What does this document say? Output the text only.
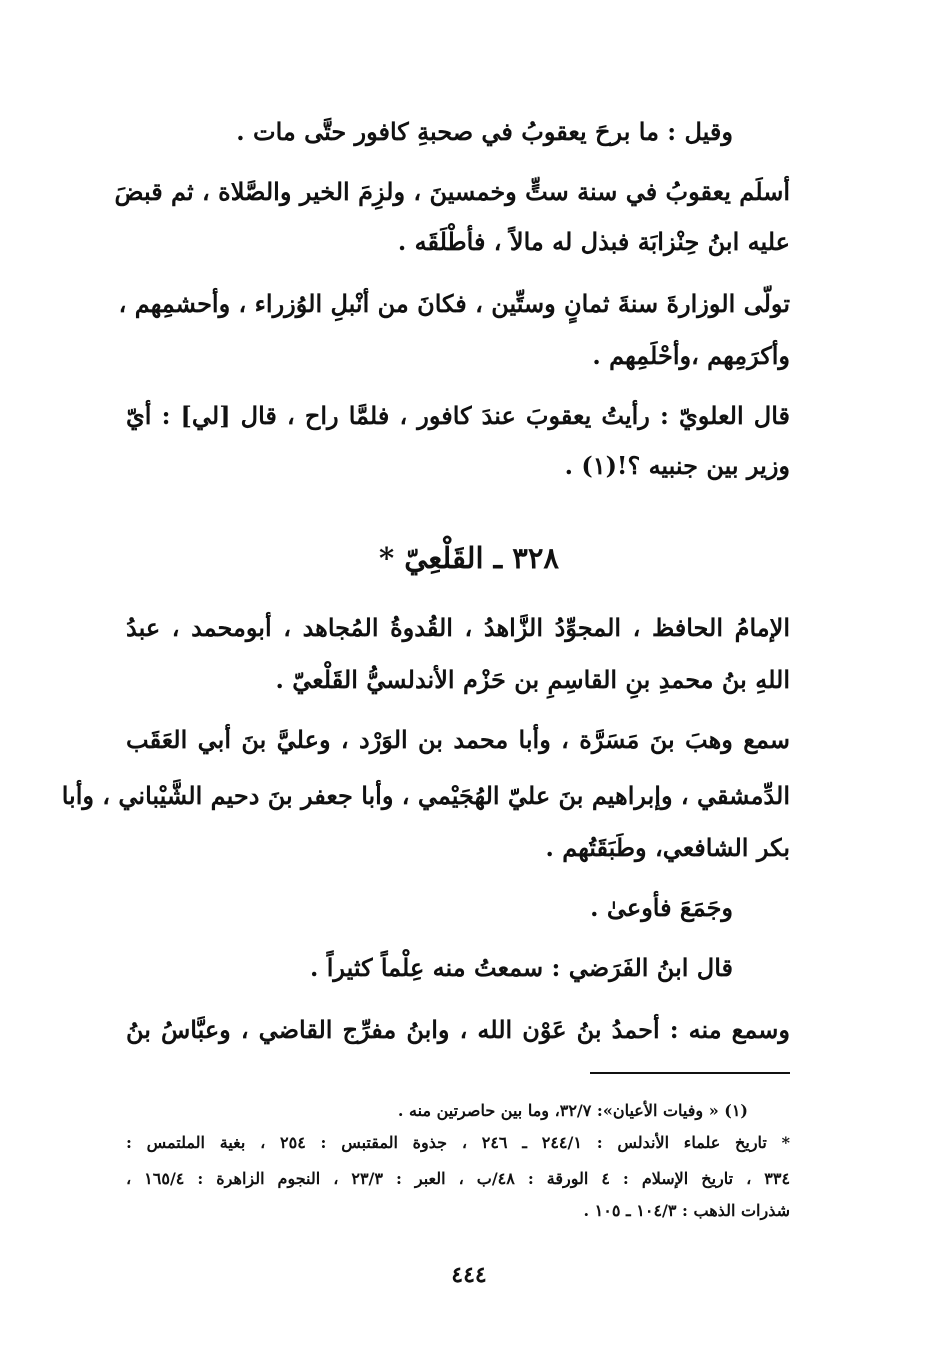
وقيل : ما برحَ يعقوبُ في صحبةِ كافور حتَّى مات .
أسلَم يعقوبُ في سنة ستٍّ وخمسينَ ، ولزِمَ الخير والصَّلاة ، ثم قبضَ
عليه ابنُ حِنْزابَة فبذل له مالاً ، فأطْلَقَه .
تولّى الوزارةَ سنةَ ثمانٍ وستِّين ، فكانَ من أنْبلِ الوُزراء ، وأحشمِهم ،
وأكرَمِهم ،وأحْلَمِهم .
قال العلويّ : رأيتُ يعقوبَ عندَ كافور ، فلمَّا راح ، قال [لي] : أيّ
وزير بين جنبيه ؟!(١) .
٣٢٨ ـ القَلْعِيّ *
الإمامُ الحافظ ، المجوِّدُ الزَّاهدُ ، القُدوةُ المُجاهد ، أبومحمد ، عبدُ
اللهِ بنُ محمدِ بنِ القاسِمِ بن حَزْم الأندلسيُّ القَلْعيّ .
سمع وهبَ بنَ مَسَرَّة ، وأبا محمد بن الوَرْد ، وعليَّ بنَ أبي العَقَب
الدِّمشقي ، وإبراهيم بنَ عليّ الهُجَيْمي ، وأبا جعفر بنَ دحيم الشَّيْباني ، وأبا
بكر الشافعي، وطَبَقَتُهم .
وجَمَعَ فأوعىٰ .
قال ابنُ الفَرَضي : سمعتُ منه عِلْماً كثيراً .
وسمع منه : أحمدُ بنُ عَوْن الله ، وابنُ مفرِّج القاضي ، وعبَّاسُ بنُ
(١) « وفيات الأعيان»: ٣٢/٧، وما بين حاصرتين منه .
* تاريخ علماء الأندلس : ٢٤٤/١ ـ ٢٤٦ ، جذوة المقتبس : ٢٥٤ ، بغية الملتمس :
٣٣٤ ، تاريخ الإسلام : ٤ الورقة : ٤٨/ب ، العبر : ٢٣/٣ ، النجوم الزاهرة : ١٦٥/٤ ،
شذرات الذهب : ١٠٤/٣ ـ ١٠٥ .
٤٤٤
